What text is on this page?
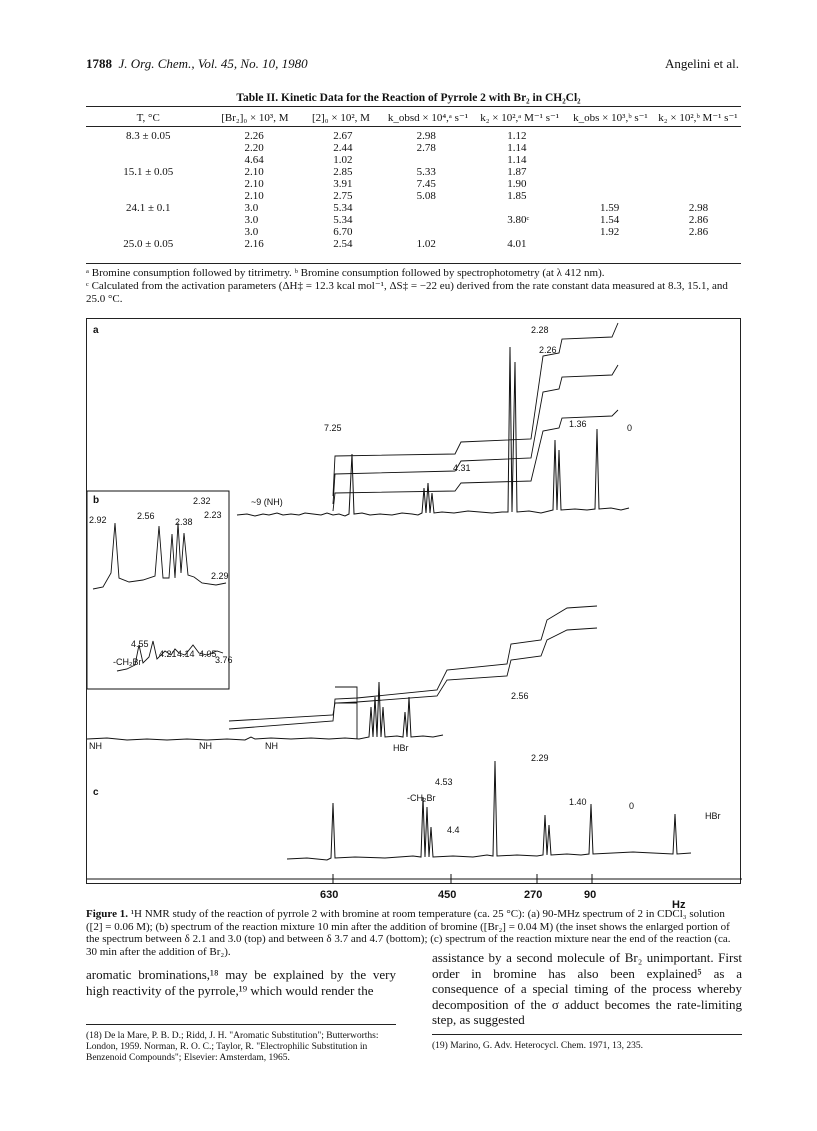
1788 J. Org. Chem., Vol. 45, No. 10, 1980	Angelini et al.
Table II. Kinetic Data for the Reaction of Pyrrole 2 with Br₂ in CH₂Cl₂
T, °C	[Br₂]₀ × 10³, M	[2]₀ × 10², M	k_obsd × 10⁴,ᵃ s⁻¹	k₂ × 10²,ᵃ M⁻¹ s⁻¹	k_obs × 10³,ᵇ s⁻¹	k₂ × 10²,ᵇ M⁻¹ s⁻¹

8.3 ± 0.05	2.26	2.67	2.98	1.12		
	2.20	2.44	2.78	1.14		
	4.64	1.02		1.14		
15.1 ± 0.05	2.10	2.85	5.33	1.87		
	2.10	3.91	7.45	1.90		
	2.10	2.75	5.08	1.85		
24.1 ± 0.1	3.0	5.34			1.59	2.98
	3.0	5.34		3.80ᶜ	1.54	2.86
	3.0	6.70			1.92	2.86
25.0 ± 0.05	2.16	2.54	1.02	4.01		
ᵃ Bromine consumption followed by titrimetry. ᵇ Bromine consumption followed by spectrophotometry (at λ 412 nm).
ᶜ Calculated from the activation parameters (ΔH‡ = 12.3 kcal mol⁻¹, ΔS‡ = −22 eu) derived from the rate constant data measured at 8.3, 15.1, and 25.0 °C.
a
7.25
4.31
2.28
2.26
1.36	0
~9 (NH)
b
2.92	2.56
2.38
2.32
2.23
2.29
-CH₂Br
4.55
4.21 4.14 4.05
3.76
2.56
2.29
NH	NH	NH	HBr
c
4.53
-CH₂Br
4.4
1.40	0
HBr
630	450	270	90
Hz
Figure 1. ¹H NMR study of the reaction of pyrrole 2 with bromine at room temperature (ca. 25 °C): (a) 90-MHz spectrum of 2 in CDCl₃ solution ([2] = 0.06 M); (b) spectrum of the reaction mixture 10 min after the addition of bromine ([Br₂] = 0.04 M) (the inset shows the enlarged portion of the spectrum between δ 2.1 and 3.0 (top) and between δ 3.7 and 4.7 (bottom); (c) spectrum of the reaction mixture near the end of the reaction (ca. 30 min after the addition of Br₂).
aromatic brominations,¹⁸ may be explained by the very high reactivity of the pyrrole,¹⁹ which would render the
assistance by a second molecule of Br₂ unimportant. First order in bromine has also been explained⁵ as a consequence of a special timing of the process whereby decomposition of the σ adduct becomes the rate-limiting step, as suggested
(18) De la Mare, P. B. D.; Ridd, J. H. "Aromatic Substitution"; Butterworths: London, 1959. Norman, R. O. C.; Taylor, R. "Electrophilic Substitution in Benzenoid Compounds"; Elsevier: Amsterdam, 1965.
(19) Marino, G. Adv. Heterocycl. Chem. 1971, 13, 235.
